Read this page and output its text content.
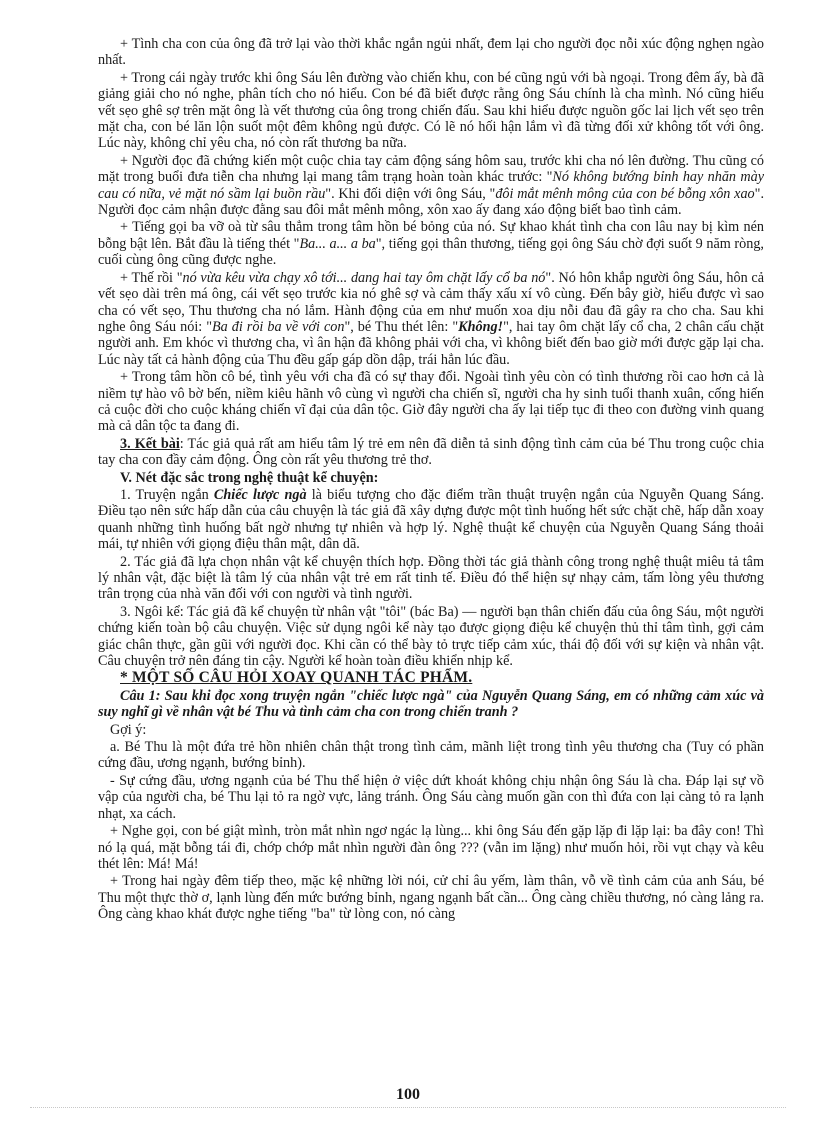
+ Tình cha con của ông đã trở lại vào thời khắc ngắn ngủi nhất, đem lại cho người đọc nỗi xúc động nghẹn ngào nhất.

+ Trong cái ngày trước khi ông Sáu lên đường vào chiến khu, con bé cũng ngủ với bà ngoại. Trong đêm ấy, bà đã giảng giải cho nó nghe, phân tích cho nó hiểu. Con bé đã biết được rằng ông Sáu chính là cha mình. Nó cũng hiểu vết sẹo ghê sợ trên mặt ông là vết thương của ông trong chiến đấu. Sau khi hiểu được nguồn gốc lai lịch vết sẹo trên mặt cha, con bé lăn lộn suốt một đêm không ngủ được. Có lẽ nó hối hận lắm vì đã từng đối xử không tốt với ông. Lúc này, không chỉ yêu cha, nó còn rất thương ba nữa.

+ Người đọc đã chứng kiến một cuộc chia tay cảm động sáng hôm sau, trước khi cha nó lên đường. Thu cũng có mặt trong buổi đưa tiễn cha nhưng lại mang tâm trạng hoàn toàn khác trước: "Nó không bướng bỉnh hay nhăn mày cau có nữa, vẻ mặt nó sầm lại buồn rầu". Khi đối diện với ông Sáu, "đôi mắt mênh mông của con bé bỗng xôn xao". Người đọc cảm nhận được đằng sau đôi mắt mênh mông, xôn xao ấy đang xáo động biết bao tình cảm.

+ Tiếng gọi ba vỡ oà từ sâu thẳm trong tâm hồn bé bỏng của nó. Sự khao khát tình cha con lâu nay bị kìm nén bỗng bật lên. Bắt đầu là tiếng thét "Ba... a... a ba", tiếng gọi thân thương, tiếng gọi ông Sáu chờ đợi suốt 9 năm ròng, cuối cùng ông cũng được nghe.

+ Thế rồi "nó vừa kêu vừa chạy xô tới... dang hai tay ôm chặt lấy cổ ba nó". Nó hôn khắp người ông Sáu, hôn cả vết sẹo dài trên má ông, cái vết sẹo trước kia nó ghê sợ và cảm thấy xấu xí vô cùng. Đến bây giờ, hiểu được vì sao cha có vết sẹo, Thu thương cha nó lắm. Hành động của em như muốn xoa dịu nỗi đau đã gây ra cho cha. Sau khi nghe ông Sáu nói: "Ba đi rồi ba về với con", bé Thu thét lên: "Không!", hai tay ôm chặt lấy cổ cha, 2 chân cấu chặt người anh. Em khóc vì thương cha, vì ân hận đã không phải với cha, vì không biết đến bao giờ mới được gặp lại cha. Lúc này tất cả hành động của Thu đều gấp gáp dồn dập, trái hẳn lúc đầu.

+ Trong tâm hồn cô bé, tình yêu với cha đã có sự thay đổi. Ngoài tình yêu còn có tình thương rồi cao hơn cả là niềm tự hào vô bờ bến, niềm kiêu hãnh vô cùng vì người cha chiến sĩ, người cha hy sinh tuổi thanh xuân, cống hiến cả cuộc đời cho cuộc kháng chiến vĩ đại của dân tộc. Giờ đây người cha ấy lại tiếp tục đi theo con đường vinh quang mà cả dân tộc ta đang đi.

3. Kết bài: Tác giả quả rất am hiểu tâm lý trẻ em nên đã diễn tả sinh động tình cảm của bé Thu trong cuộc chia tay cha con đầy cảm động. Ông còn rất yêu thương trẻ thơ.

V. Nét đặc sắc trong nghệ thuật kể chuyện:

1. Truyện ngắn Chiếc lược ngà là biểu tượng cho đặc điểm trần thuật truyện ngắn của Nguyễn Quang Sáng. Điều tạo nên sức hấp dẫn của câu chuyện là tác giả đã xây dựng được một tình huống hết sức chặt chẽ, hấp dẫn xoay quanh những tình huống bất ngờ nhưng tự nhiên và hợp lý. Nghệ thuật kể chuyện của Nguyễn Quang Sáng thoải mái, tự nhiên với giọng điệu thân mật, dân dã.

2. Tác giả đã lựa chọn nhân vật kể chuyện thích hợp. Đồng thời tác giả thành công trong nghệ thuật miêu tả tâm lý nhân vật, đặc biệt là tâm lý của nhân vật trẻ em rất tinh tế. Điều đó thể hiện sự nhạy cảm, tấm lòng yêu thương trân trọng của nhà văn đối với con người và tình người.

3. Ngôi kể: Tác giả đã kể chuyện từ nhân vật "tôi" (bác Ba) — người bạn thân chiến đấu của ông Sáu, một người chứng kiến toàn bộ câu chuyện. Việc sử dụng ngôi kể này tạo được giọng điệu kể chuyện thủ thỉ tâm tình, gợi cảm giác chân thực, gần gũi với người đọc. Khi cần có thể bày tỏ trực tiếp cảm xúc, thái độ đối với sự kiện và nhân vật. Câu chuyện trở nên đáng tin cậy. Người kể hoàn toàn điều khiển nhịp kể.

* MỘT SỐ CÂU HỎI XOAY QUANH TÁC PHẨM.

Câu 1: Sau khi đọc xong truyện ngắn "chiếc lược ngà" của Nguyễn Quang Sáng, em có những cảm xúc và suy nghĩ gì về nhân vật bé Thu và tình cảm cha con trong chiến tranh ?

Gợi ý:

a. Bé Thu là một đứa trẻ hồn nhiên chân thật trong tình cảm, mãnh liệt trong tình yêu thương cha (Tuy có phần cứng đầu, ương ngạnh, bướng bỉnh).

- Sự cứng đầu, ương ngạnh của bé Thu thể hiện ở việc dứt khoát không chịu nhận ông Sáu là cha. Đáp lại sự vồ vập của người cha, bé Thu lại tỏ ra ngờ vực, lảng tránh. Ông Sáu càng muốn gần con thì đứa con lại càng tỏ ra lạnh nhạt, xa cách.

+ Nghe gọi, con bé giật mình, tròn mắt nhìn ngơ ngác lạ lùng... khi ông Sáu đến gặp lặp đi lặp lại: ba đây con! Thì nó lạ quá, mặt bỗng tái đi, chớp chớp mắt nhìn người đàn ông ??? (vẫn im lặng) như muốn hỏi, rồi vụt chạy và kêu thét lên: Má! Má!

+ Trong hai ngày đêm tiếp theo, mặc kệ những lời nói, cử chỉ âu yếm, làm thân, vỗ về tình cảm của anh Sáu, bé Thu một thực thờ ơ, lạnh lùng đến mức bướng bỉnh, ngang ngạnh bất cần... Ông càng chiều thương, nó càng lảng ra. Ông càng khao khát được nghe tiếng "ba" từ lòng con, nó càng

100
